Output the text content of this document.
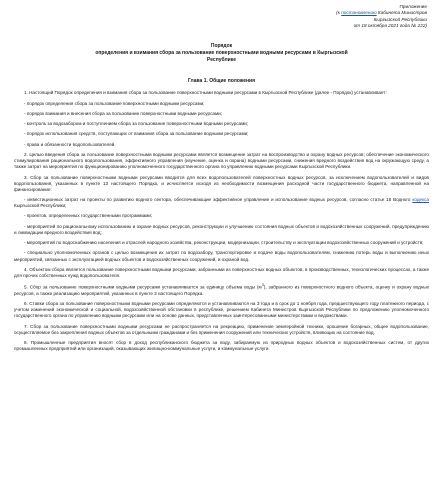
Приложение
(к постановлению Кабинета Министров
Кыргызской Республики
от 18 октября 2021 года № 222)
Порядок
определения и взимания сбора за пользование поверхностными водными ресурсами в Кыргызской
Республике
Глава 1. Общие положения

1. Настоящий Порядок определения и взимания сбора за пользование поверхностными водными ресурсами в Кыргызской Республике (далее - Порядок) устанавливает:

- порядок определения сбора за пользование поверхностными водными ресурсами;

- порядок взимания и внесения сбора за пользование поверхностными водными ресурсами;

- контроль за водозабором и поступлением сбора за пользование поверхностными водными ресурсами;

- порядок использования средств, поступающих от взимания сбора за пользование водными ресурсами;

- права и обязанности водопользователей.

2. Целью введения сбора за пользование поверхностными водными ресурсами является возмещение затрат на воспроизводство и охрану водных ресурсов; обеспечение экономического стимулирования рационального водопользования, эффективного управления (изучение, оценка и охрана) водными ресурсами, снижения вредного воздействия вод на окружающую среду, а также затрат на мероприятия по функционированию уполномоченного государственного органа по управлению водными ресурсами Кыргызской Республики.

3. Сбор за пользование поверхностными водными ресурсами вводится для всех водопользователей поверхностных водных ресурсов, за исключением водопользователей и видов водопользования, указанных в пункте 13 настоящего Порядка, и исчисляется исходя из необходимости возмещения расходной части государственного бюджета, направленной на финансирование:

- инвестиционных затрат на проекты по развитию водного сектора, обеспечивающие эффективное управление и использование водных ресурсов, согласно статье 18 Водного кодекса Кыргызской Республики;

- проектов, определенных государственными программами;

- мероприятий по рациональному использованию и охране водных ресурсов, реконструкции и улучшению состояния водных объектов и водохозяйственных сооружений, предупреждению и ликвидации вредного воздействия вод;

- мероприятий по водоснабжению населения и отраслей народного хозяйства, реконструкции, модернизации, строительству и эксплуатации водохозяйственных сооружений и устройств;

- специально уполномоченных органов с целью возмещения их затрат по водозабору, транспортировке и подаче воды водопользователям, снижению потерь воды и выполнению иных мероприятий, связанных с эксплуатацией водных объектов и водохозяйственных сооружений, и охраной вод.

4. Объектом сбора является пользование поверхностными водными ресурсами, забранными из поверхностных водных объектов, в производственных, технологических процессах, а также для прочих собственных нужд водопользователя.

5. Сбор за пользование поверхностными водными ресурсами устанавливается за единицу объема воды $(м^3)$, забранного из поверхностного водного объекта, оценку и охрану водных ресурсов, а также реализацию мероприятий, указанных в пункте 3 настоящего Порядка.

6. Ставки сбора за пользование поверхностными водными ресурсами определяются и устанавливаются на 3 года и в срок до 1 ноября года, предшествующего году платежного периода, с учетом изменений экономической и социальной, водохозяйственной обстановки в республике, решением Кабинета Министров Кыргызской Республики по предложению уполномоченного государственного органа по управлению водными ресурсами или на основе данных, представленных заинтересованными министерствами и ведомствами.

7. Сбор за пользование поверхностными водными ресурсами не распространяется на рекреацию, применение землеройной техники, орошение богарных, общее водопользование, осуществляемое без закрепления водных объектов за отдельными гражданами и без применения сооружений или технических устройств, влияющих на состояние вод.

8. Промышленные предприятия вносят сбор в доход республиканского бюджета за воду, забираемую из природных водных объектов и водохозяйственных систем, от других промышленных предприятий или организаций, оказывающих жилищно-коммунальные услуги, и коммунальные услуги.
